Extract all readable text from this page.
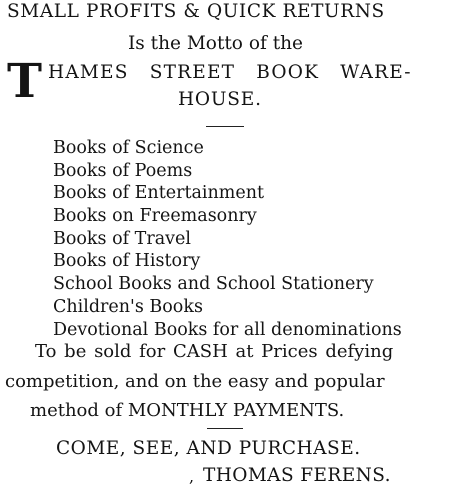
SMALL PROFITS & QUICK RETURNS
Is the Motto of the
T HAMES STREET BOOK WARE-
HOUSE.
Books of Science
Books of Poems
Books of Entertainment
Books on Freemasonry
Books of Travel
Books of History
School Books and School Stationery
Children's Books
Devotional Books for all denominations
To be sold for CASH at Prices defying
competition, and on the easy and popular
method of MONTHLY PAYMENTS.
COME, SEE, AND PURCHASE.
, THOMAS FERENS.
